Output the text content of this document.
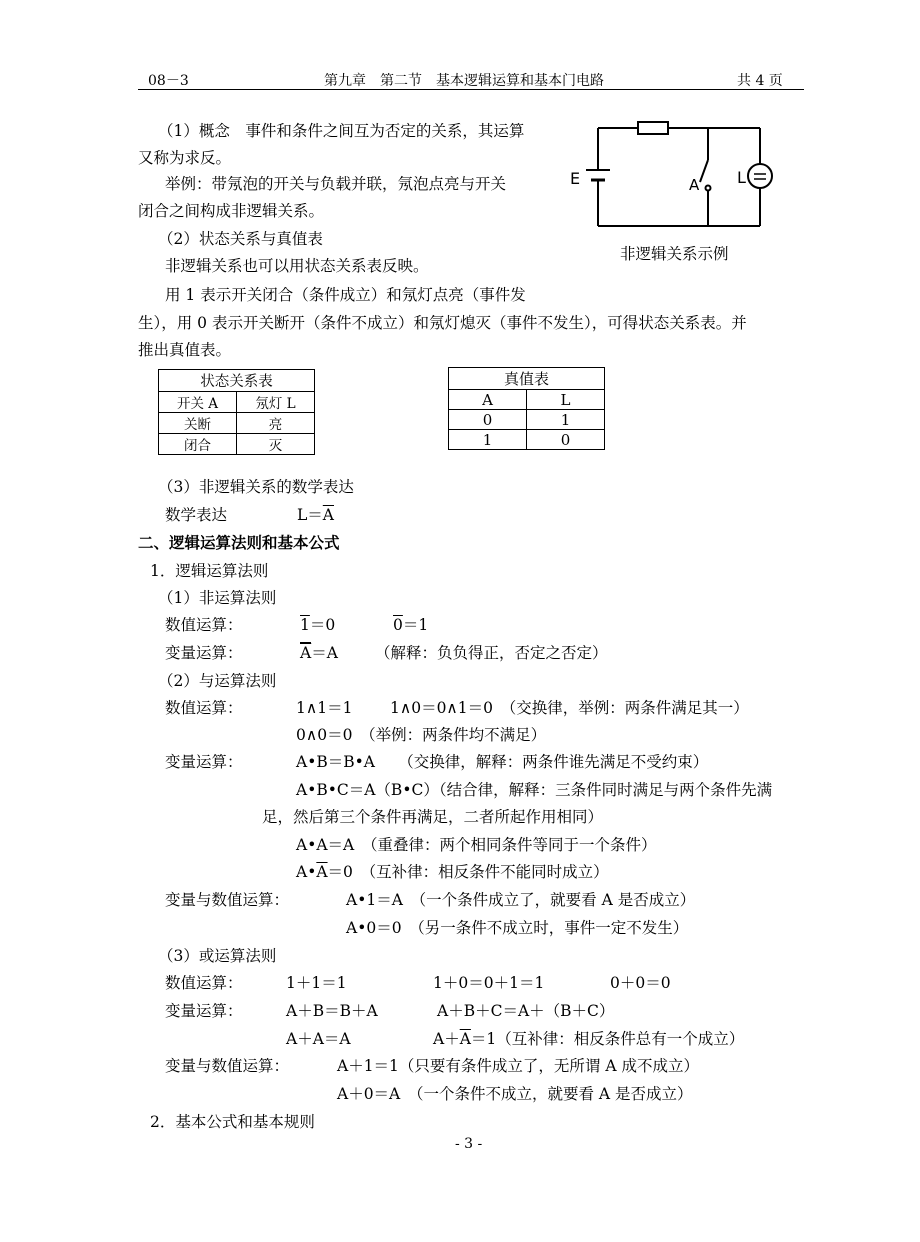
08－3	第九章　第二节　基本逻辑运算和基本门电路	共 4 页
E	A L
非逻辑关系示例
（1）概念　事件和条件之间互为否定的关系，其运算
又称为求反。
举例：带氖泡的开关与负载并联，氖泡点亮与开关
闭合之间构成非逻辑关系。
（2）状态关系与真值表
非逻辑关系也可以用状态关系表反映。
用 1 表示开关闭合（条件成立）和氖灯点亮（事件发
生），用 0 表示开关断开（条件不成立）和氖灯熄灭（事件不发生），可得状态关系表。并
推出真值表。
状态关系表	
开关 A	氖灯 L
关断	亮
闭合	灭
真值表	
A	L
0	1
1	0
（3）非逻辑关系的数学表达
数学表达	$L=\overline{A}$
二、逻辑运算法则和基本公式
1．逻辑运算法则
（1）非运算法则
数值运算：	1＝0	0＝1
变量运算：	$\overline{A}=A$ （解释：负负得正，否定之否定）
（2）与运算法则
数值运算：	1∧1＝1 1∧0＝0∧1＝0　（交换律，举例：两条件满足其一）
0∧0＝0　（举例：两条件均不满足）
变量运算：	A•B＝B•A　　（交换律，解释：两条件谁先满足不受约束）
A•B•C＝A（B•C）（结合律，解释：三条件同时满足与两个条件先满
足，然后第三个条件再满足，二者所起作用相同）
A•A＝A　（重叠律：两个相同条件等同于一个条件）
$A•\overline{A}=0$　（互补律：相反条件不能同时成立）
变量与数值运算：	A•1＝A　（一个条件成立了，就要看 A 是否成立）
A•0＝0　（另一条件不成立时，事件一定不发生）
（3）或运算法则
数值运算：	1＋1＝1	1＋0＝0＋1＝1	0＋0＝0
变量运算：	A＋B＝B＋A	A＋B＋C＝A＋（B＋C）
A＋A＝A	$A+\overline{A}=1$（互补律：相反条件总有一个成立）
变量与数值运算：	A＋1＝1（只要有条件成立了，无所谓 A 成不成立）
A＋0＝A　（一个条件不成立，就要看 A 是否成立）
2．基本公式和基本规则
- 3 -
